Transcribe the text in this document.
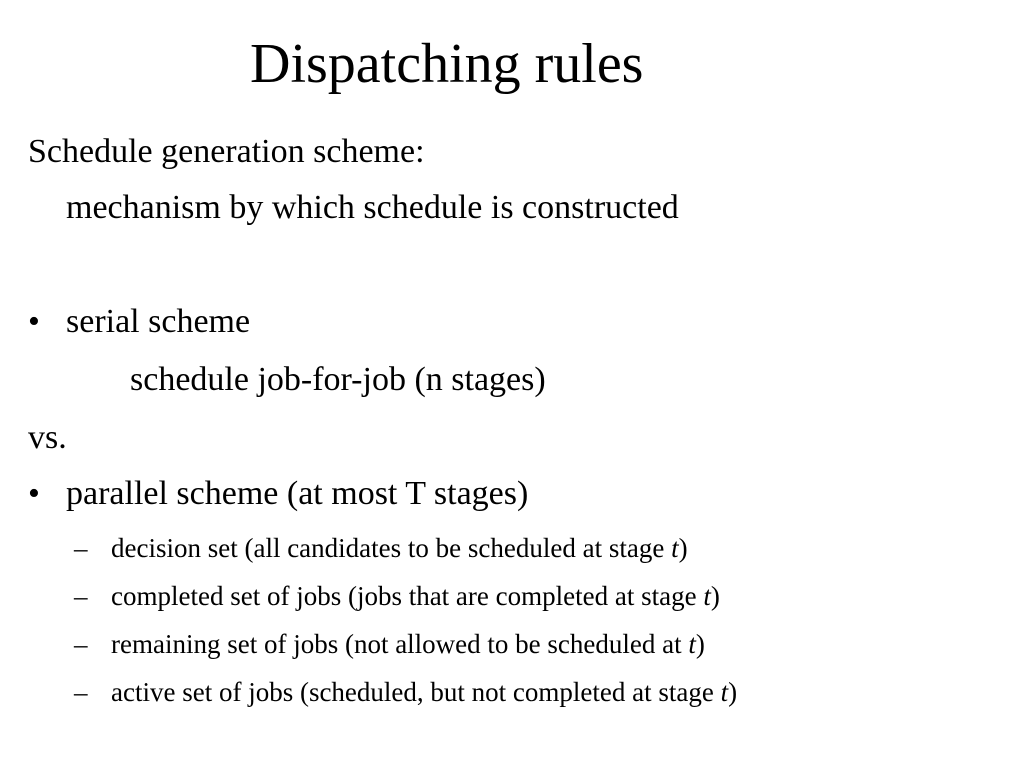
Dispatching rules
Schedule generation scheme:
mechanism by which schedule is constructed
• serial scheme
schedule job-for-job (n stages)
vs.
• parallel scheme (at most T stages)
– decision set (all candidates to be scheduled at stage t)
– completed set of jobs (jobs that are completed at stage t)
– remaining set of jobs (not allowed to be scheduled at t)
– active set of jobs (scheduled, but not completed at stage t)
